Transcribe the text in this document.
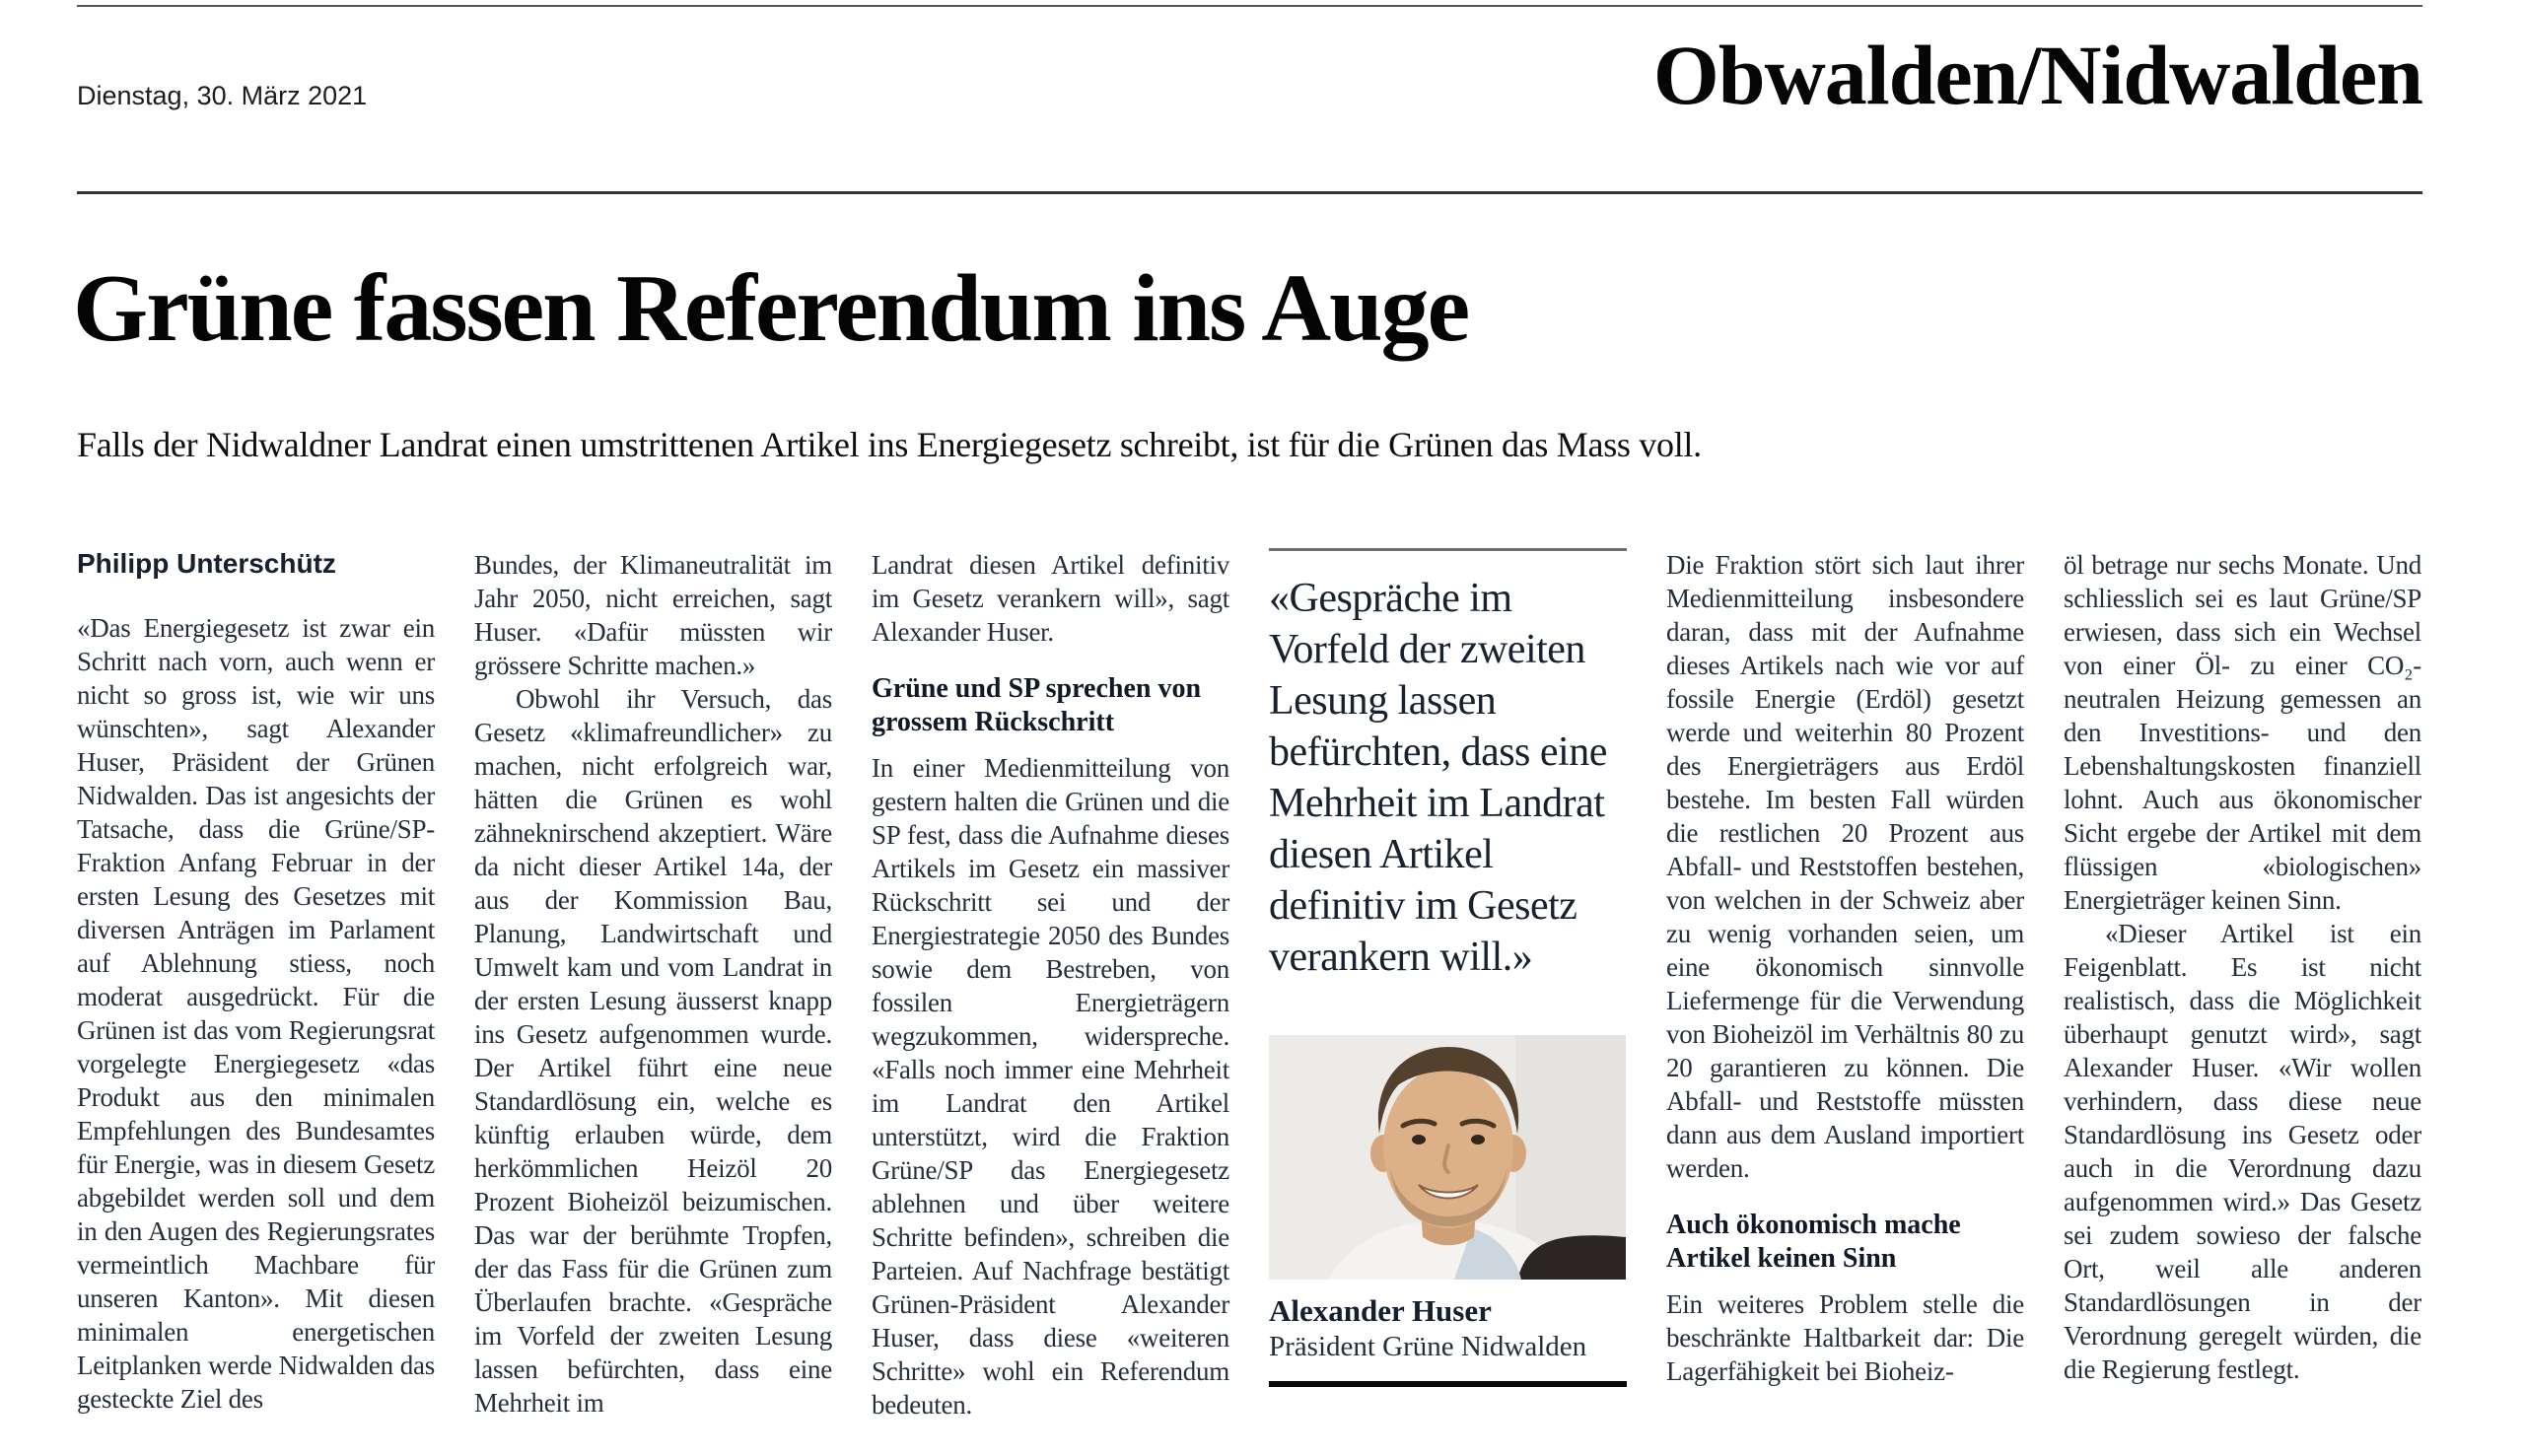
Dienstag, 30. März 2021	Obwalden/Nidwalden
Grüne fassen Referendum ins Auge

Falls der Nidwaldner Landrat einen umstrittenen Artikel ins Energiegesetz schreibt, ist für die Grünen das Mass voll.

Philipp Unterschütz

«Das Energiegesetz ist zwar ein Schritt nach vorn, auch wenn er nicht so gross ist, wie wir uns wünschten», sagt Alexander Huser, Präsident der Grünen Nidwalden. Das ist angesichts der Tatsache, dass die Grüne/SP-Fraktion Anfang Februar in der ersten Lesung des Gesetzes mit diversen Anträgen im Parlament auf Ablehnung stiess, noch moderat ausgedrückt. Für die Grünen ist das vom Regierungsrat vorgelegte Energiegesetz «das Produkt aus den minimalen Empfehlungen des Bundesamtes für Energie, was in diesem Gesetz abgebildet werden soll und dem in den Augen des Regierungsrates vermeintlich Machbare für unseren Kanton». Mit diesen minimalen energetischen Leitplanken werde Nidwalden das gesteckte Ziel des

Bundes, der Klimaneutralität im Jahr 2050, nicht erreichen, sagt Huser. «Dafür müssten wir grössere Schritte machen.»

Obwohl ihr Versuch, das Gesetz «klimafreundlicher» zu machen, nicht erfolgreich war, hätten die Grünen es wohl zähneknirschend akzeptiert. Wäre da nicht dieser Artikel 14a, der aus der Kommission Bau, Planung, Landwirtschaft und Umwelt kam und vom Landrat in der ersten Lesung äusserst knapp ins Gesetz aufgenommen wurde. Der Artikel führt eine neue Standardlösung ein, welche es künftig erlauben würde, dem herkömmlichen Heizöl 20 Prozent Bioheizöl beizumischen. Das war der berühmte Tropfen, der das Fass für die Grünen zum Überlaufen brachte. «Gespräche im Vorfeld der zweiten Lesung lassen befürchten, dass eine Mehrheit im

Landrat diesen Artikel definitiv im Gesetz verankern will», sagt Alexander Huser.

Grüne und SP sprechen von grossem Rückschritt

In einer Medienmitteilung von gestern halten die Grünen und die SP fest, dass die Aufnahme dieses Artikels im Gesetz ein massiver Rückschritt sei und der Energiestrategie 2050 des Bundes sowie dem Bestreben, von fossilen Energieträgern wegzukommen, widerspreche. «Falls noch immer eine Mehrheit im Landrat den Artikel unterstützt, wird die Fraktion Grüne/SP das Energiegesetz ablehnen und über weitere Schritte befinden», schreiben die Parteien. Auf Nachfrage bestätigt Grünen-Präsident Alexander Huser, dass diese «weiteren Schritte» wohl ein Referendum bedeuten.

«Gespräche im
Vorfeld der zweiten
Lesung lassen
befürchten, dass eine
Mehrheit im Landrat
diesen Artikel
definitiv im Gesetz
verankern will.»
Alexander Huser
Präsident Grüne Nidwalden

Die Fraktion stört sich laut ihrer Medienmitteilung insbesondere daran, dass mit der Aufnahme dieses Artikels nach wie vor auf fossile Energie (Erdöl) gesetzt werde und weiterhin 80 Prozent des Energieträgers aus Erdöl bestehe. Im besten Fall würden die restlichen 20 Prozent aus Abfall- und Reststoffen bestehen, von welchen in der Schweiz aber zu wenig vorhanden seien, um eine ökonomisch sinnvolle Liefermenge für die Verwendung von Bioheizöl im Verhältnis 80 zu 20 garantieren zu können. Die Abfall- und Reststoffe müssten dann aus dem Ausland importiert werden.

Auch ökonomisch mache Artikel keinen Sinn

Ein weiteres Problem stelle die beschränkte Haltbarkeit dar: Die Lagerfähigkeit bei Bioheiz-

öl betrage nur sechs Monate. Und schliesslich sei es laut Grüne/SP erwiesen, dass sich ein Wechsel von einer Öl- zu einer CO₂-neutralen Heizung gemessen an den Investitions- und den Lebenshaltungskosten finanziell lohnt. Auch aus ökonomischer Sicht ergebe der Artikel mit dem flüssigen «biologischen» Energieträger keinen Sinn.

«Dieser Artikel ist ein Feigenblatt. Es ist nicht realistisch, dass die Möglichkeit überhaupt genutzt wird», sagt Alexander Huser. «Wir wollen verhindern, dass diese neue Standardlösung ins Gesetz oder auch in die Verordnung dazu aufgenommen wird.» Das Gesetz sei zudem sowieso der falsche Ort, weil alle anderen Standardlösungen in der Verordnung geregelt würden, die die Regierung festlegt.
